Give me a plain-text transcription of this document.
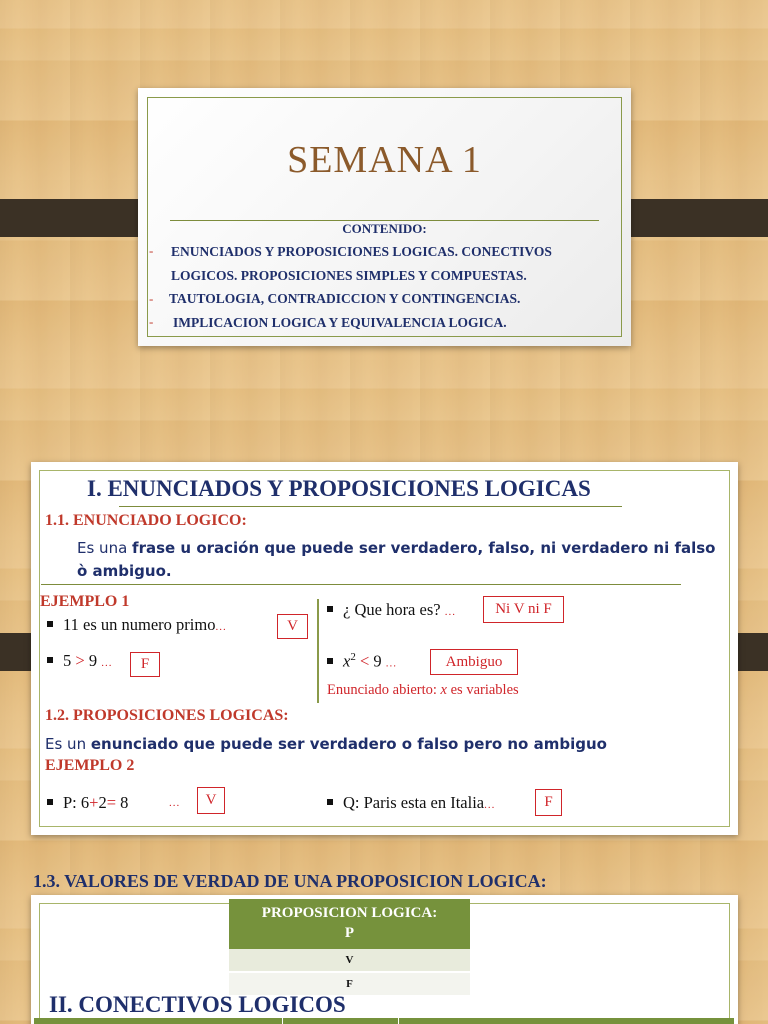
SEMANA 1
CONTENIDO:
- ENUNCIADOS Y PROPOSICIONES LOGICAS. CONECTIVOS
LOGICOS. PROPOSICIONES SIMPLES Y COMPUESTAS.
- TAUTOLOGIA, CONTRADICCION Y CONTINGENCIAS.
- IMPLICACION LOGICA Y EQUIVALENCIA LOGICA.
I. ENUNCIADOS Y PROPOSICIONES LOGICAS
1.1. ENUNCIADO LOGICO:
Es una frase u oración que puede ser verdadero, falso, ni verdadero ni falso
ò ambiguo.
EJEMPLO 1
11 es un numero primo...	V
5 > 9 ...	F
¿ Que hora es? ...	Ni V ni F
$x^2 < 9$ ...	Ambiguo
Enunciado abierto: x es variables
1.2. PROPOSICIONES LOGICAS:
Es un enunciado que puede ser verdadero o falso pero no ambiguo
EJEMPLO 2
P: 6+2= 8	...	V	Q: Paris esta en Italia...	F
1.3. VALORES DE VERDAD DE UNA PROPOSICION LOGICA:
PROPOSICION LOGICA:
P
V
F
II. CONECTIVOS LOGICOS
